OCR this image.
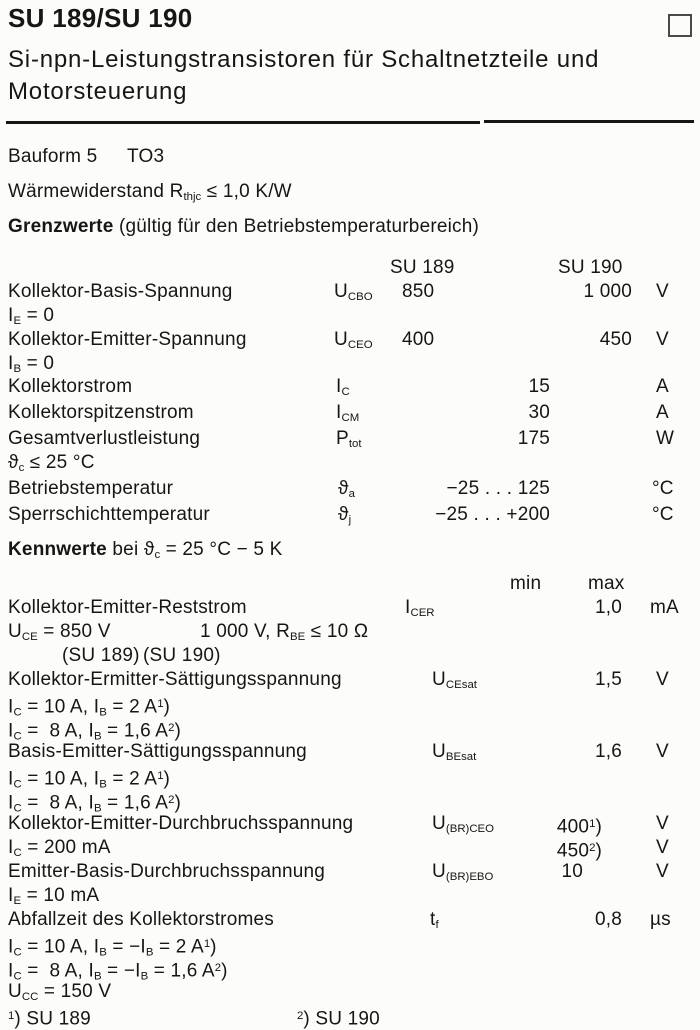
SU 189/SU 190
Si-npn-Leistungstransistoren für Schaltnetzteile und
Motorsteuerung
Bauform 5 TO3
Wärmewiderstand $R_{thjc} \le 1,0$ K/W
Grenzwerte (gültig für den Betriebstemperaturbereich)
SU 189	SU 190
Kollektor-Basis-Spannung	$U_{CBO}$ 850	1 000 V
$I_E = 0$
Kollektor-Emitter-Spannung	$U_{CEO}$ 400	450 V
$I_B = 0$
Kollektorstrom	$I_C$	15	A
Kollektorspitzenstrom	$I_{CM}$	30	A
Gesamtverlustleistung	$P_{tot}$	175	W
$ϑ_c \le 25$ °C
Betriebstemperatur	$ϑ_a$	−25 . . . 125	°C
Sperrschichttemperatur	$ϑ_j$	−25 . . . +200	°C
Kennwerte bei $ϑ_c = 25$ °C − 5 K
min max
Kollektor-Emitter-Reststrom	$I_{CER}$	1,0 mA
$U_{CE} = 850$ V	1 000 V, $R_{BE} \le 10$ Ω
(SU 189) (SU 190)
Kollektor-Ermitter-Sättigungsspannung	$U_{CEsat}$	1,5 V
$I_C = 10$ A, $I_B = 2$ $A^1$)
$I_C = 8$ A, $I_B = 1,6$ $A^2$)
Basis-Emitter-Sättigungsspannung	$U_{BEsat}$	1,6 V
$I_C = 10$ A, $I_B = 2$ $A^1$)
$I_C = 8$ A, $I_B = 1,6$ $A^2$)
Kollektor-Emitter-Durchbruchsspannung	$U_{(BR)CEO}$	$400^1$)	V
$I_C = 200$ mA	$450^2$)	V
Emitter-Basis-Durchbruchsspannung	$U_{(BR)EBO}$	10	V
$I_E = 10$ mA
Abfallzeit des Kollektorstromes	$t_f$	0,8 µs
$I_C = 10$ A, $I_B = -I_B = 2$ $A^1$)
$I_C = 8$ A, $I_B = -I_B = 1,6$ $A^2$)
$U_{CC} = 150$ V
$^1$) SU 189	$^2$) SU 190
